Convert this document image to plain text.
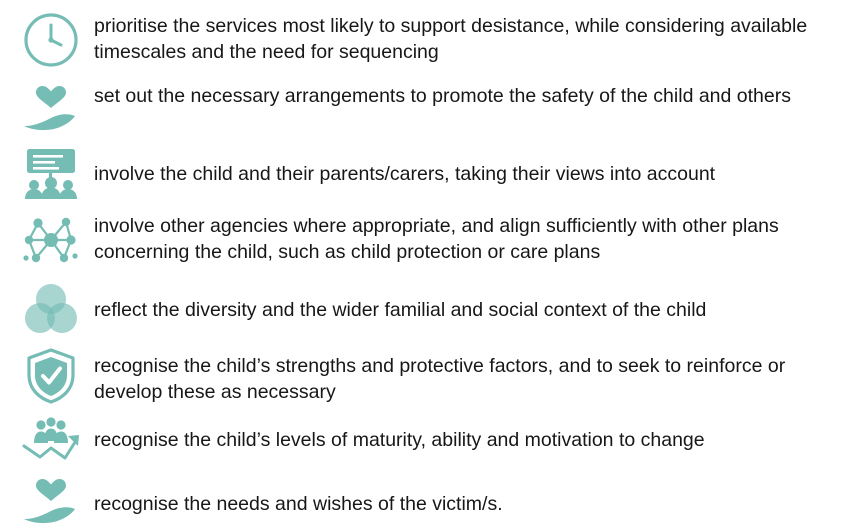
prioritise the services most likely to support desistance, while considering available timescales and the need for sequencing
set out the necessary arrangements to promote the safety of the child and others
involve the child and their parents/carers, taking their views into account
involve other agencies where appropriate, and align sufficiently with other plans concerning the child, such as child protection or care plans
reflect the diversity and the wider familial and social context of the child
recognise the child’s strengths and protective factors, and to seek to reinforce or develop these as necessary
recognise the child’s levels of maturity, ability and motivation to change
recognise the needs and wishes of the victim/s.
